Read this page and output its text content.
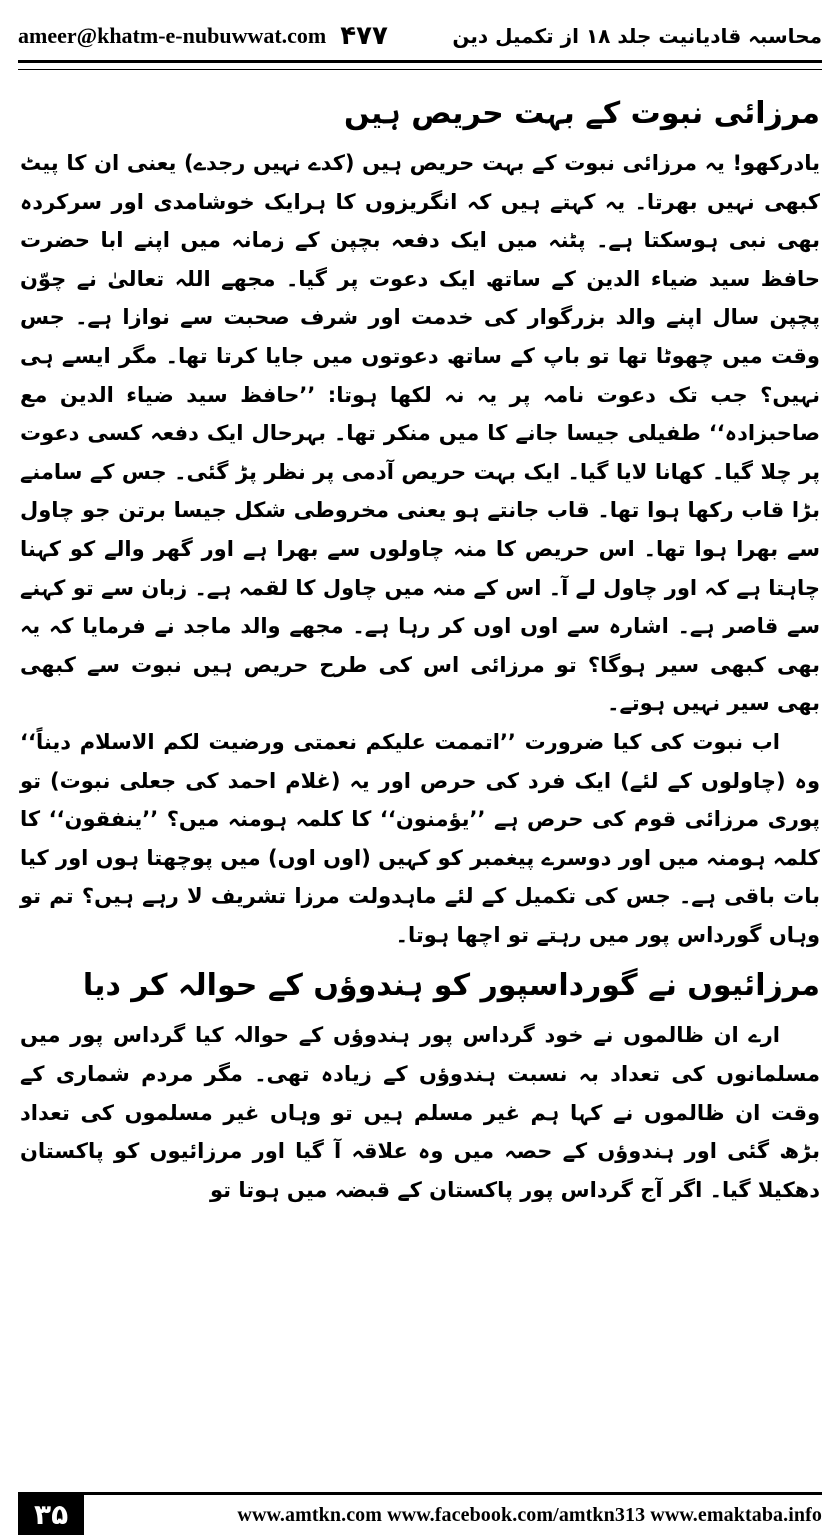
ameer@khatm-e-nubuwwat.com ۴۷۷	محاسبہ قادیانیت جلد ۱۸ از تکمیل دین
مرزائی نبوت کے بہت حریص ہیں

یادرکھو! یہ مرزائی نبوت کے بہت حریص ہیں (کدے نہیں رجدے) یعنی ان کا پیٹ کبھی نہیں بھرتا۔ یہ کہتے ہیں کہ انگریزوں کا ہرایک خوشامدی اور سرکردہ بھی نبی ہوسکتا ہے۔ پٹنہ میں ایک دفعہ بچپن کے زمانہ میں اپنے ابا حضرت حافظ سید ضیاء الدین کے ساتھ ایک دعوت پر گیا۔ مجھے اللہ تعالیٰ نے چوّن پچپن سال اپنے والد بزرگوار کی خدمت اور شرف صحبت سے نوازا ہے۔ جس وقت میں چھوٹا تھا تو باپ کے ساتھ دعوتوں میں جایا کرتا تھا۔ مگر ایسے ہی نہیں؟ جب تک دعوت نامہ پر یہ نہ لکھا ہوتا: ’’حافظ سید ضیاء الدین مع صاحبزادہ‘‘ طفیلی جیسا جانے کا میں منکر تھا۔ بہرحال ایک دفعہ کسی دعوت پر چلا گیا۔ کھانا لایا گیا۔ ایک بہت حریص آدمی پر نظر پڑ گئی۔ جس کے سامنے بڑا قاب رکھا ہوا تھا۔ قاب جانتے ہو یعنی مخروطی شکل جیسا برتن جو چاول سے بھرا ہوا تھا۔ اس حریص کا منہ چاولوں سے بھرا ہے اور گھر والے کو کہنا چاہتا ہے کہ اور چاول لے آ۔ اس کے منہ میں چاول کا لقمہ ہے۔ زبان سے تو کہنے سے قاصر ہے۔ اشارہ سے اوں اوں کر رہا ہے۔ مجھے والد ماجد نے فرمایا کہ یہ بھی کبھی سیر ہوگا؟ تو مرزائی اس کی طرح حریص ہیں نبوت سے کبھی بھی سیر نہیں ہوتے۔

اب نبوت کی کیا ضرورت ’’اتممت علیکم نعمتی ورضیت لکم الاسلام دیناً‘‘ وہ (چاولوں کے لئے) ایک فرد کی حرص اور یہ (غلام احمد کی جعلی نبوت) تو پوری مرزائی قوم کی حرص ہے ’’یؤمنون‘‘ کا کلمہ ہومنہ میں؟ ’’ینفقون‘‘ کا کلمہ ہومنہ میں اور دوسرے پیغمبر کو کہیں (اوں اوں) میں پوچھتا ہوں اور کیا بات باقی ہے۔ جس کی تکمیل کے لئے ماہدولت مرزا تشریف لا رہے ہیں؟ تم تو وہاں گورداس پور میں رہتے تو اچھا ہوتا۔

مرزائیوں نے گورداسپور کو ہندوؤں کے حوالہ کر دیا

ارے ان ظالموں نے خود گرداس پور ہندوؤں کے حوالہ کیا گرداس پور میں مسلمانوں کی تعداد بہ نسبت ہندوؤں کے زیادہ تھی۔ مگر مردم شماری کے وقت ان ظالموں نے کہا ہم غیر مسلم ہیں تو وہاں غیر مسلموں کی تعداد بڑھ گئی اور ہندوؤں کے حصہ میں وہ علاقہ آ گیا اور مرزائیوں کو پاکستان دھکیلا گیا۔ اگر آج گرداس پور پاکستان کے قبضہ میں ہوتا تو

۳۵	www.amtkn.com www.facebook.com/amtkn313 www.emaktaba.info
